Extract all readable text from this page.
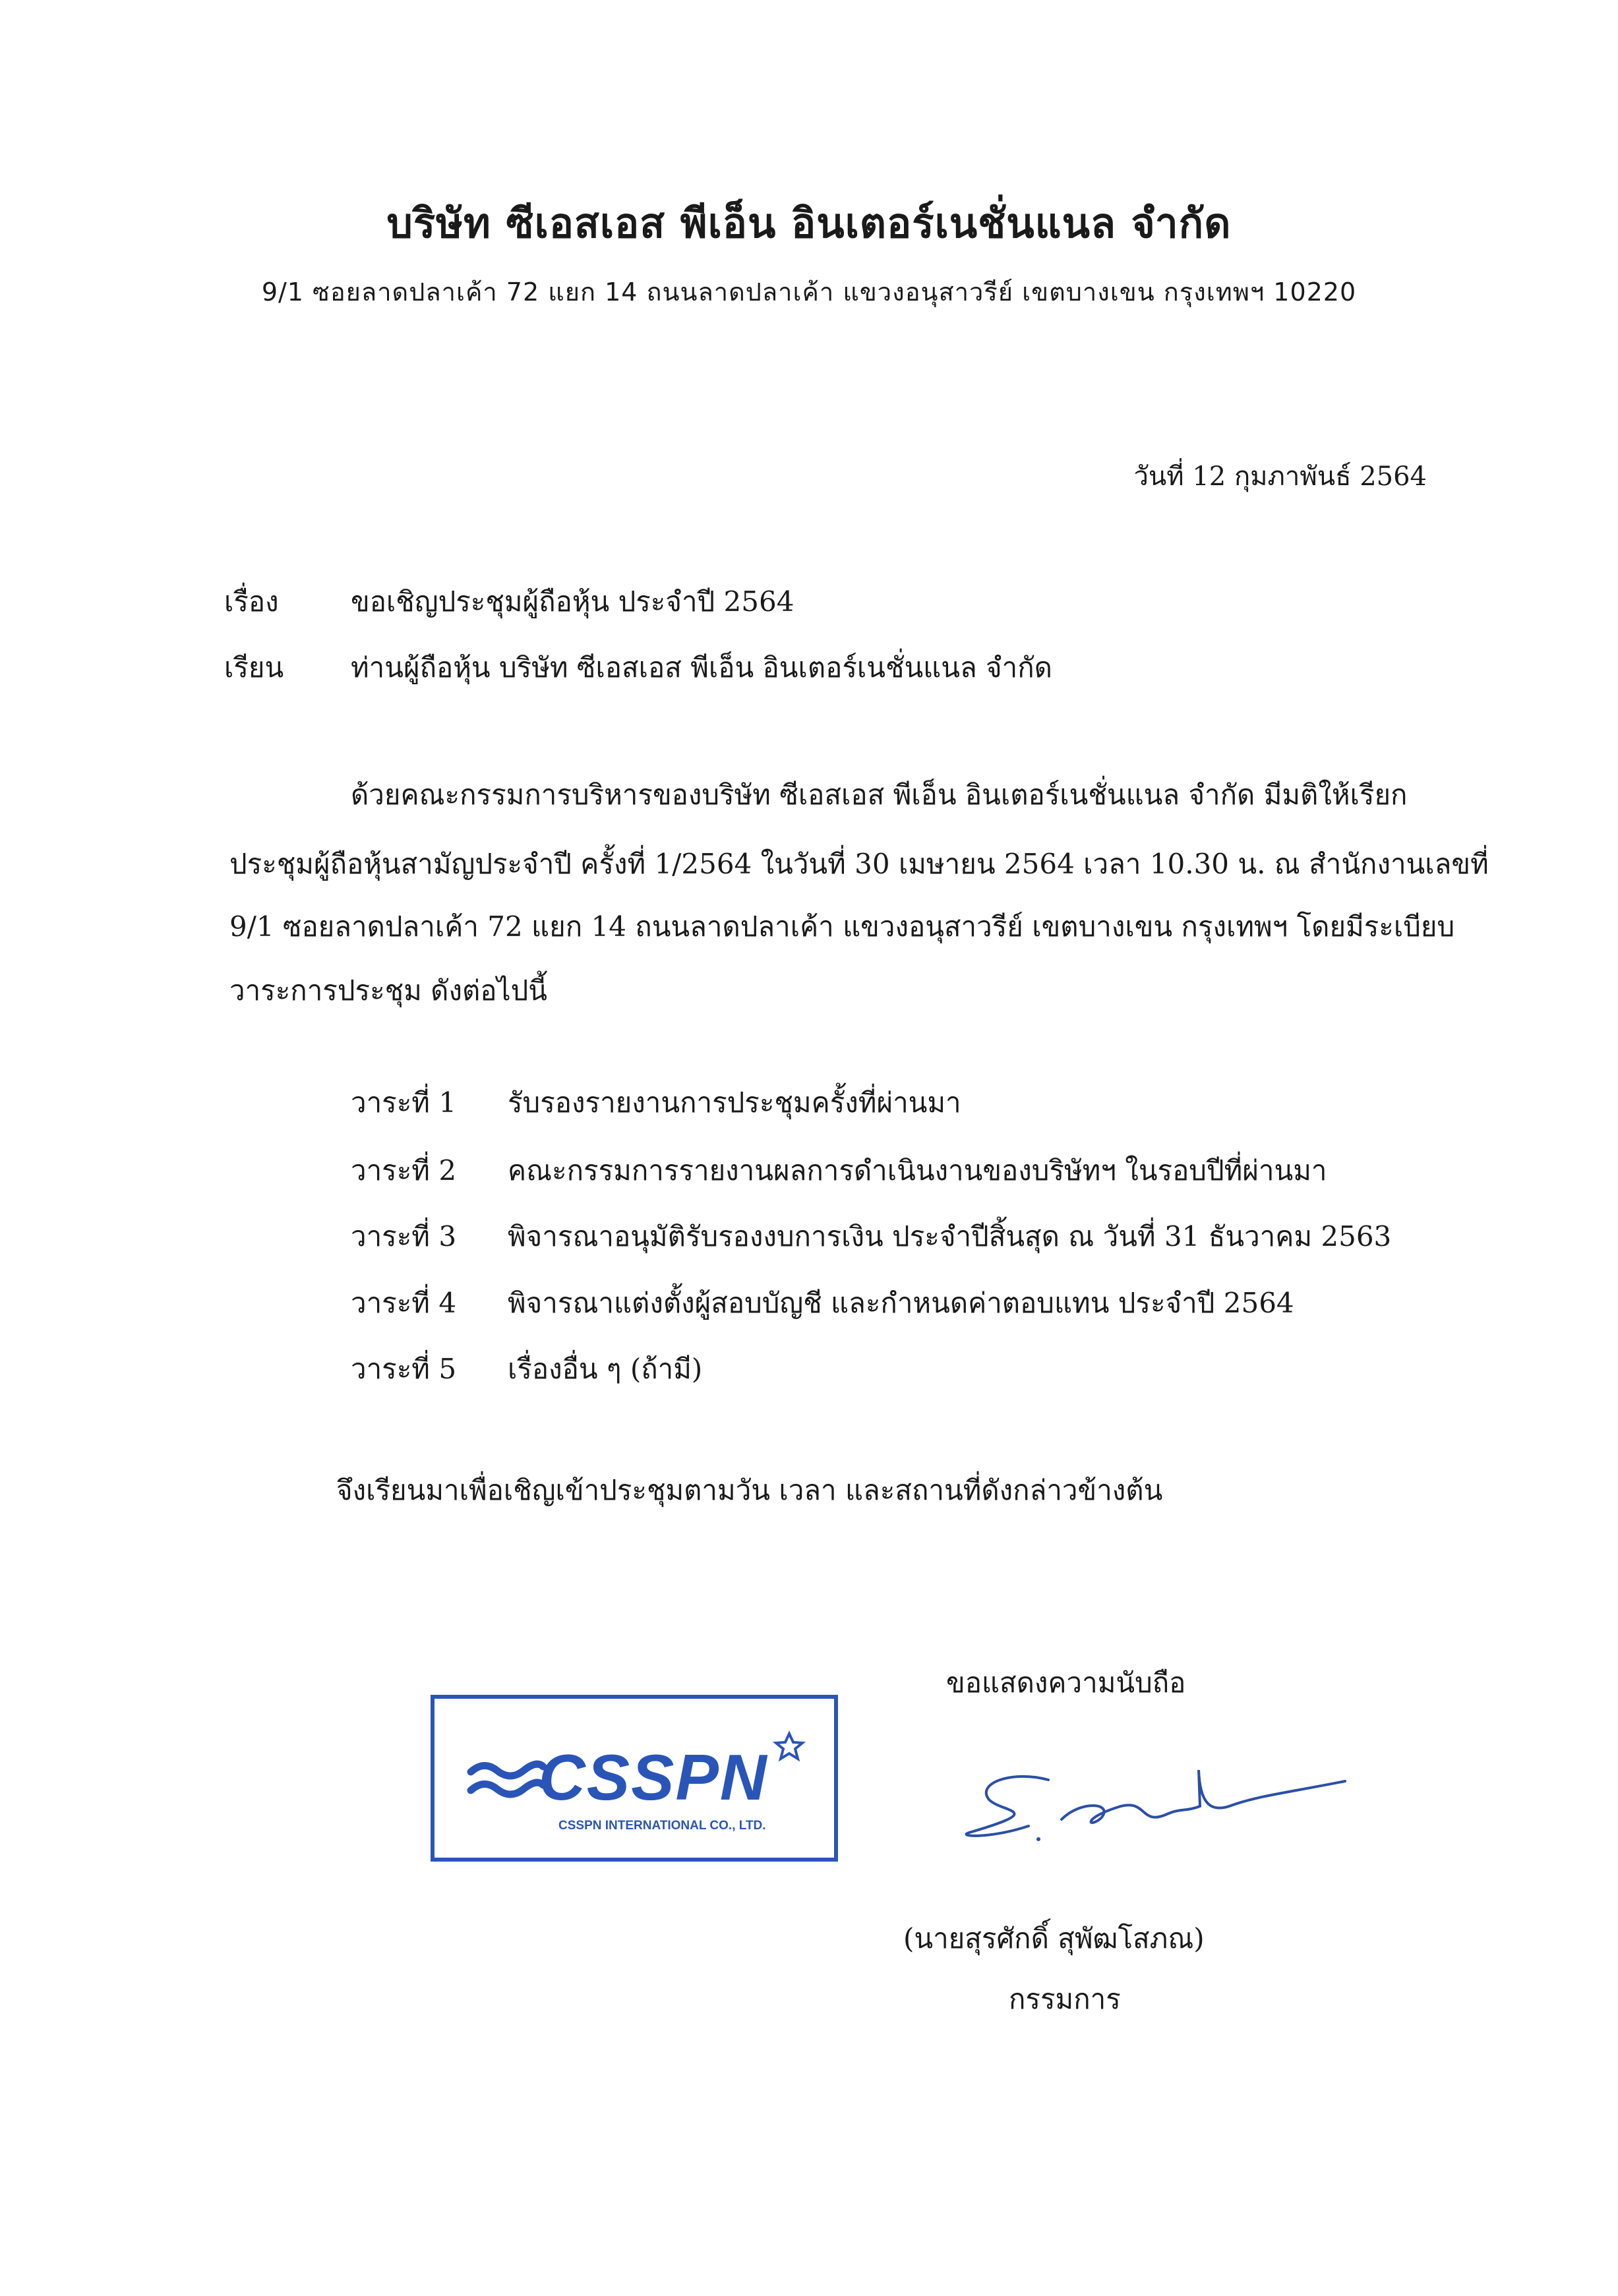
บริษัท ซีเอสเอส พีเอ็น อินเตอร์เนชั่นแนล จำกัด
9/1 ซอยลาดปลาเค้า 72 แยก 14 ถนนลาดปลาเค้า แขวงอนุสาวรีย์ เขตบางเขน กรุงเทพฯ 10220
วันที่ 12 กุมภาพันธ์ 2564
เรื่อง	ขอเชิญประชุมผู้ถือหุ้น ประจำปี 2564
เรียน ท่านผู้ถือหุ้น บริษัท ซีเอสเอส พีเอ็น อินเตอร์เนชั่นแนล จำกัด
ด้วยคณะกรรมการบริหารของบริษัท ซีเอสเอส พีเอ็น อินเตอร์เนชั่นแนล จำกัด มีมติให้เรียก
ประชุมผู้ถือหุ้นสามัญประจำปี ครั้งที่ 1/2564 ในวันที่ 30 เมษายน 2564 เวลา 10.30 น. ณ สำนักงานเลขที่
9/1 ซอยลาดปลาเค้า 72 แยก 14 ถนนลาดปลาเค้า แขวงอนุสาวรีย์ เขตบางเขน กรุงเทพฯ โดยมีระเบียบ
วาระการประชุม ดังต่อไปนี้
วาระที่ 1 รับรองรายงานการประชุมครั้งที่ผ่านมา
วาระที่ 2 คณะกรรมการรายงานผลการดำเนินงานของบริษัทฯ ในรอบปีที่ผ่านมา
วาระที่ 3 พิจารณาอนุมัติรับรองงบการเงิน ประจำปีสิ้นสุด ณ วันที่ 31 ธันวาคม 2563
วาระที่ 4 พิจารณาแต่งตั้งผู้สอบบัญชี และกำหนดค่าตอบแทน ประจำปี 2564
วาระที่ 5 เรื่องอื่น ๆ (ถ้ามี)
จึงเรียนมาเพื่อเชิญเข้าประชุมตามวัน เวลา และสถานที่ดังกล่าวข้างต้น
ขอแสดงความนับถือ
CSSPN
CSSPN INTERNATIONAL CO., LTD.
(นายสุรศักดิ์ สุพัฒโสภณ)
กรรมการ
